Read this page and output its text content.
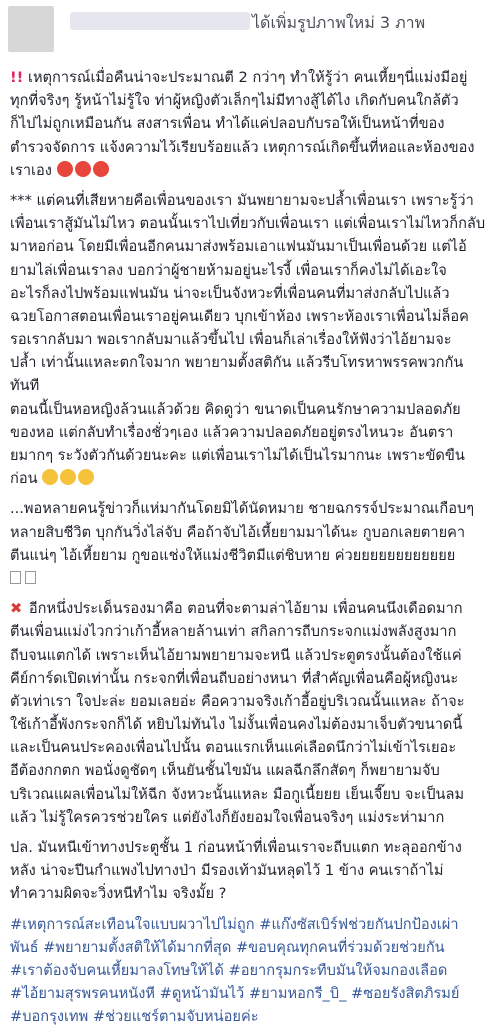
ได้เพิ่มรูปภาพใหม่ 3 ภาพ
!! เหตุการณ์เมื่อคืนน่าจะประมาณตี 2 กว่าๆ ทำให้รู้ว่า คนเหี้ยๆนี่แม่งมีอยู่
ทุกที่จริงๆ รู้หน้าไม่รู้ใจ ท่าผู้หญิงตัวเล็กๆไม่มีทางสู้ได้ไง เกิดกับคนใกล้ตัว
ก็ไปไม่ถูกเหมือนกัน สงสารเพื่อน ทำได้แค่ปลอบกับรอให้เป็นหน้าที่ของ
ตำรวจจัดการ แจ้งความไว้เรียบร้อยแล้ว เหตุการณ์เกิดขึ้นที่หอและห้องของ
เราเอง
*** แต่คนที่เสียหายคือเพื่อนของเรา มันพยายามจะปล้ำเพื่อนเรา เพราะรู้ว่า
เพื่อนเราสู้มันไม่ไหว ตอนนั้นเราไปเที่ยวกับเพื่อนเรา แต่เพื่อนเราไม่ไหวก็กลับ
มาหอก่อน โดยมีเพื่อนอีกคนมาส่งพร้อมเอาแฟนมันมาเป็นเพื่อนด้วย แต่ไอ้
ยามไล่เพื่อนเราลง บอกว่าผู้ชายห้ามอยู่นะไรงี้ เพื่อนเราก็คงไม่ได้เอะใจ
อะไรก็ลงไปพร้อมแฟนมัน น่าจะเป็นจังหวะที่เพื่อนคนที่มาส่งกลับไปแล้ว
ฉวยโอกาสตอนเพื่อนเราอยู่คนเดียว บุกเข้าห้อง เพราะห้องเราเพื่อนไม่ล็อค
รอเรากลับมา พอเรากลับมาแล้วขึ้นไป เพื่อนก็เล่าเรื่องให้ฟังว่าไอ้ยามจะ
ปล้ำ เท่านั้นแหละตกใจมาก พยายามตั้งสติกัน แล้วรีบโทรหาพรรคพวกกัน
ทันที
ตอนนี้เป็นหอหญิงล้วนแล้วด้วย คิดดูว่า ขนาดเป็นคนรักษาความปลอดภัย
ของหอ แต่กลับทำเรื่องชั่วๆเอง แล้วความปลอดภัยอยู่ตรงไหนวะ อันตรา
ยมากๆ ระวังตัวกันด้วยนะคะ แต่เพื่อนเราไม่ได้เป็นไรมากนะ เพราะขัดขืน
ก่อน
...พอหลายคนรู้ข่าวก็แห่มากันโดยมิได้นัดหมาย ชายฉกรรจ์ประมาณเกือบๆ
หลายสิบชีวิต บุกกันวิ่งไล่จับ คือถ้าจับไอ้เหี้ยยามมาได้นะ กูบอกเลยตายคา
ตีนแน่ๆ ไอ้เหี้ยยาม กูขอแช่งให้แม่งชีวิตมีแต่ชิบหาย ค่วยยยยยยยยยยยย
✖ อีกหนึ่งประเด็นรองมาคือ ตอนที่จะตามล่าไอ้ยาม เพื่อนคนนึงเดือดมาก
ตีนเพื่อนแม่งไวกว่าเก้าอี้หลายล้านเท่า สกิลการถีบกระจกแม่งพลังสูงมาก
ถีบจนแตกได้ เพราะเห็นไอ้ยามพยายามจะหนี แล้วประตูตรงนั้นต้องใช้แค่
คีย์การ์ดเปิดเท่านั้น กระจกที่เพื่อนถีบอย่างหนา ที่สำคัญเพื่อนคือผู้หญิงนะ
ตัวเท่าเรา ใจปะล่ะ ยอมเลยอ่ะ คือความจริงเก้าอี้อยู่บริเวณนั้นแหละ ถ้าจะ
ใช้เก้าอี้พังกระจกก็ได้ หยิบไม่ทันไง ไม่งั้นเพื่อนคงไม่ต้องมาเจ็บตัวขนาดนี้
และเป็นคนประคองเพื่อนไปนั้น ตอนแรกเห็นแค่เลือดนึกว่าไม่เข้าไรเยอะ
อีต้องกกตก พอนั่งดูชัดๆ เห็นยันชั้นไขมัน แผลฉีกลึกสัดๆ ก็พยายามจับ
บริเวณแผลเพื่อนไม่ให้ฉีก จังหวะนั้นแหละ มือกูเนี้ยยย เย็นเจี๊ยบ จะเป็นลม
แล้ว ไม่รู้ใครควรช่วยใคร แต่ยังไงก็ยังยอมใจเพื่อนจริงๆ แม่งระห่ามาก
ปล. มันหนีเข้าทางประตูชั้น 1 ก่อนหน้าที่เพื่อนเราจะถีบแตก ทะลุออกข้าง
หลัง น่าจะปีนกำแพงไปทางป่า มีรองเท้ามันหลุดไว้ 1 ข้าง คนเราถ้าไม่
ทำความผิดจะวิ่งหนีทำไม จริงมั้ย ?
#เหตุการณ์สะเทือนใจแบบผวาไปไม่ถูก #แก๊งซัสเบิร์ฟช่วยกันปกป้องเผ่า
พันธ์ #พยายามตั้งสติให้ได้มากที่สุด #ขอบคุณทุกคนที่ร่วมด้วยช่วยกัน
#เราต้องจับคนเหี้ยมาลงโทษให้ได้ #อยากรุมกระทืบมันให้จมกองเลือด
#ไอ้ยามสุรพรคนหนังหี #ดูหน้ามันไว้ #ยามหอกรี_บิ_ #ซอยรังสิตภิรมย์
#บอกรุงเทพ #ช่วยแชร์ตามจับหน่อยค่ะ
